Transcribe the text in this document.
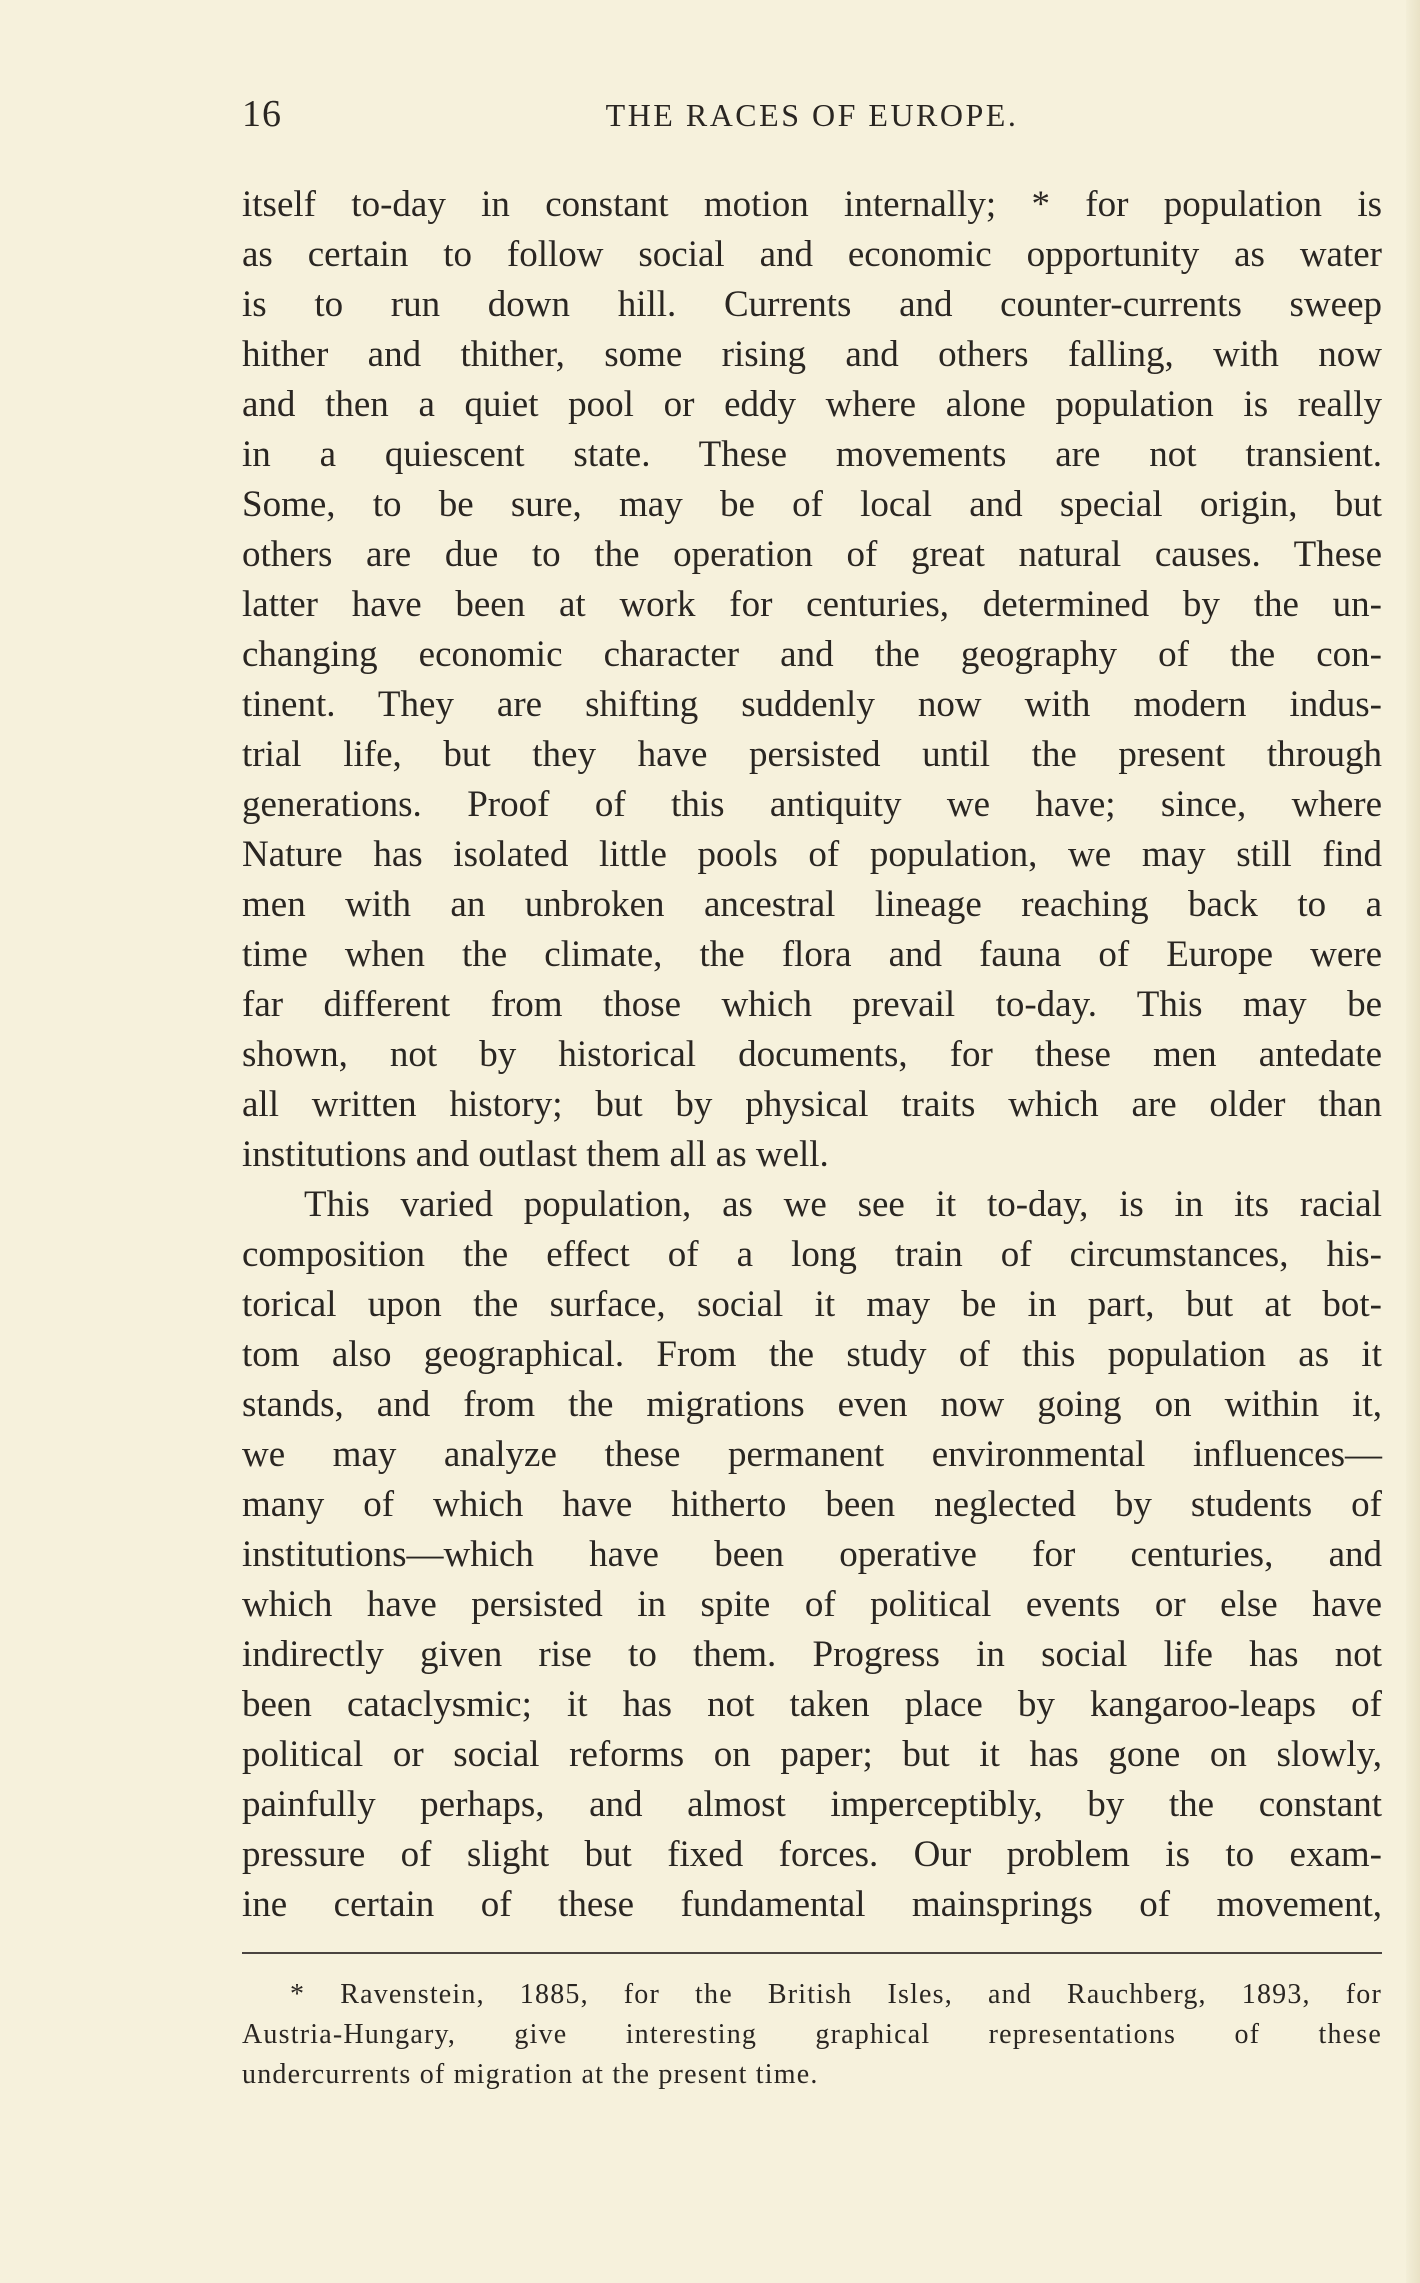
16	THE RACES OF EUROPE.
itself to-day in constant motion internally; * for population is
as certain to follow social and economic opportunity as water
is to run down hill. Currents and counter-currents sweep
hither and thither, some rising and others falling, with now
and then a quiet pool or eddy where alone population is really
in a quiescent state. These movements are not transient.
Some, to be sure, may be of local and special origin, but
others are due to the operation of great natural causes. These
latter have been at work for centuries, determined by the un-
changing economic character and the geography of the con-
tinent. They are shifting suddenly now with modern indus-
trial life, but they have persisted until the present through
generations. Proof of this antiquity we have; since, where
Nature has isolated little pools of population, we may still find
men with an unbroken ancestral lineage reaching back to a
time when the climate, the flora and fauna of Europe were
far different from those which prevail to-day. This may be
shown, not by historical documents, for these men antedate
all written history; but by physical traits which are older than
institutions and outlast them all as well.
This varied population, as we see it to-day, is in its racial
composition the effect of a long train of circumstances, his-
torical upon the surface, social it may be in part, but at bot-
tom also geographical. From the study of this population as it
stands, and from the migrations even now going on within it,
we may analyze these permanent environmental influences—
many of which have hitherto been neglected by students of
institutions—which have been operative for centuries, and
which have persisted in spite of political events or else have
indirectly given rise to them. Progress in social life has not
been cataclysmic; it has not taken place by kangaroo-leaps of
political or social reforms on paper; but it has gone on slowly,
painfully perhaps, and almost imperceptibly, by the constant
pressure of slight but fixed forces. Our problem is to exam-
ine certain of these fundamental mainsprings of movement,
* Ravenstein, 1885, for the British Isles, and Rauchberg, 1893, for
Austria-Hungary, give interesting graphical representations of these
undercurrents of migration at the present time.
